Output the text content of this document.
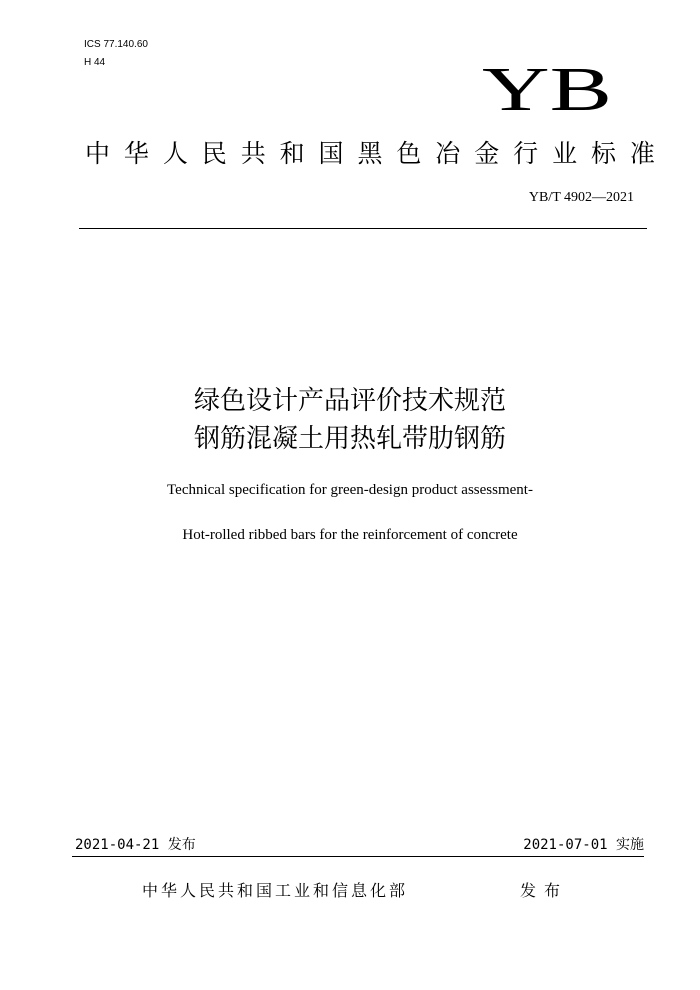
ICS 77.140.60
H 44	YB
中 华 人 民 共 和 国 黑 色 冶 金 行 业 标 准
YB/T 4902—2021
绿色设计产品评价技术规范
钢筋混凝土用热轧带肋钢筋
Technical specification for green-design product assessment-
Hot-rolled ribbed bars for the reinforcement of concrete
2021-04-21 发布	2021-07-01 实施
中华人民共和国工业和信息化部	发布
